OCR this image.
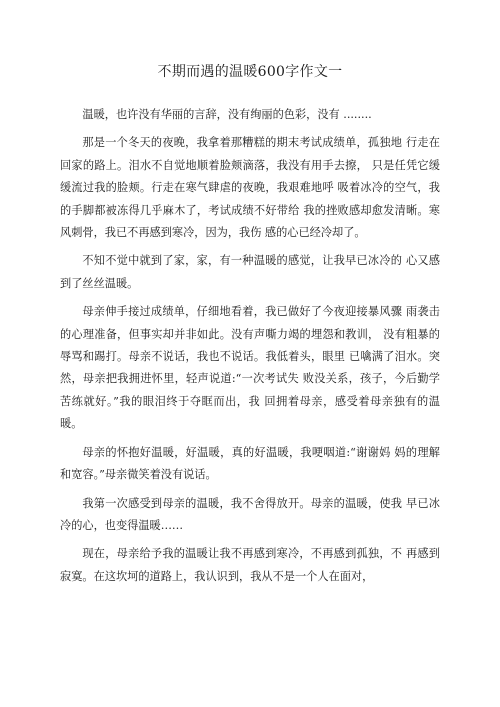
不期而遇的温暖600字作文一

温暖，也许没有华丽的言辞，没有绚丽的色彩，没有 ........

那是一个冬天的夜晚，我拿着那糟糕的期末考试成绩单，孤独地 行走在回家的路上。泪水不自觉地顺着脸颊滴落，我没有用手去擦， 只是任凭它缓缓流过我的脸颊。行走在寒气肆虐的夜晚，我艰难地呼 吸着冰冷的空气，我的手脚都被冻得几乎麻木了，考试成绩不好带给 我的挫败感却愈发清晰。寒风刺骨，我已不再感到寒冷，因为，我伤 感的心已经冷却了。

不知不觉中就到了家，家，有一种温暖的感觉，让我早已冰冷的 心又感到了丝丝温暖。

母亲伸手接过成绩单，仔细地看着，我已做好了今夜迎接暴风骤 雨袭击的心理准备，但事实却并非如此。没有声嘶力竭的埋怨和教训， 没有粗暴的辱骂和踢打。母亲不说话，我也不说话。我低着头，眼里 已噙满了泪水。突然，母亲把我拥进怀里，轻声说道:“一次考试失 败没关系，孩子，今后勤学苦练就好。”我的眼泪终于夺眶而出，我 回拥着母亲，感受着母亲独有的温暖。

母亲的怀抱好温暖，好温暖，真的好温暖，我哽咽道:“谢谢妈 妈的理解和宽容。”母亲微笑着没有说话。

我第一次感受到母亲的温暖，我不舍得放开。母亲的温暖，使我 早已冰冷的心，也变得温暖……

现在，母亲给予我的温暖让我不再感到寒冷，不再感到孤独，不 再感到寂寞。在这坎坷的道路上，我认识到，我从不是一个人在面对，
